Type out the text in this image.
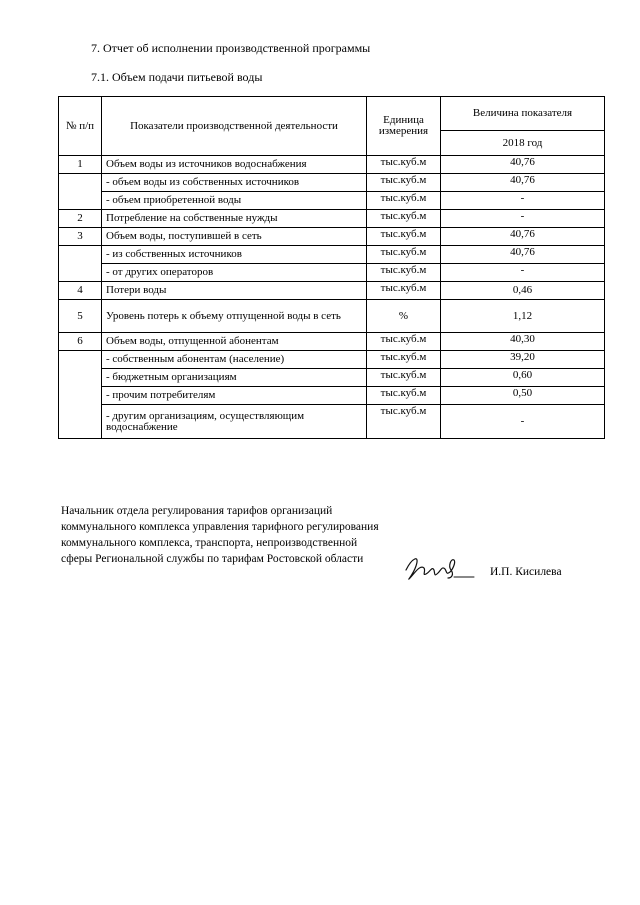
7. Отчет об исполнении производственной программы
7.1. Объем подачи питьевой воды
№ п/п	Показатели производственной деятельности	Единица измерения	Величина показателя
			2018 год
1	Объем воды из источников водоснабжения	тыс.куб.м	40,76
	- объем воды из собственных источников	тыс.куб.м	40,76
	- объем приобретенной воды	тыс.куб.м	-
2	Потребление на собственные нужды	тыс.куб.м	-
3	Объем воды, поступившей в сеть	тыс.куб.м	40,76
	- из собственных источников	тыс.куб.м	40,76
	- от других операторов	тыс.куб.м	-
4	Потери воды	тыс.куб.м	0,46
5	Уровень потерь к объему отпущенной воды в сеть	%	1,12
6	Объем воды, отпущенной абонентам	тыс.куб.м	40,30
	- собственным абонентам (население)	тыс.куб.м	39,20
	- бюджетным организациям	тыс.куб.м	0,60
	- прочим потребителям	тыс.куб.м	0,50
	- другим организациям, осуществляющим водоснабжение	тыс.куб.м	-
Начальник отдела регулирования тарифов организаций коммунального комплекса управления тарифного регулирования коммунального комплекса, транспорта, непроизводственной сферы Региональной службы по тарифам Ростовской области
И.П. Кисилева
